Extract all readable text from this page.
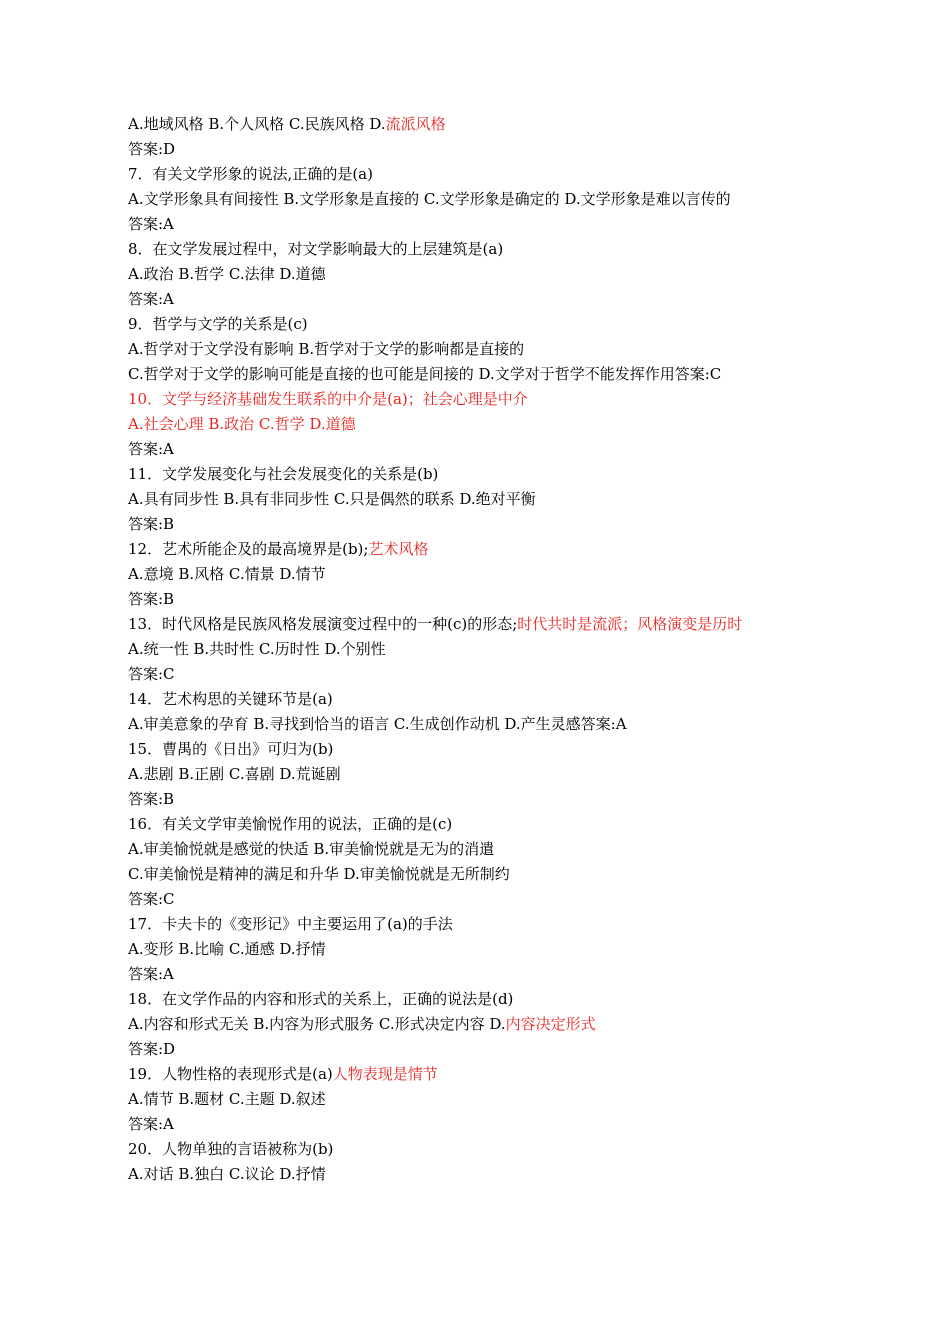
A.地域风格 B.个人风格 C.民族风格 D.流派风格
答案:D
7．有关文学形象的说法,正确的是(a)
A.文学形象具有间接性 B.文学形象是直接的 C.文学形象是确定的 D.文学形象是难以言传的
答案:A
8．在文学发展过程中，对文学影响最大的上层建筑是(a)
A.政治 B.哲学 C.法律 D.道德
答案:A
9．哲学与文学的关系是(c)
A.哲学对于文学没有影响 B.哲学对于文学的影响都是直接的
C.哲学对于文学的影响可能是直接的也可能是间接的 D.文学对于哲学不能发挥作用答案:C
10．文学与经济基础发生联系的中介是(a)；社会心理是中介
A.社会心理 B.政治 C.哲学 D.道德
答案:A
11．文学发展变化与社会发展变化的关系是(b)
A.具有同步性 B.具有非同步性 C.只是偶然的联系 D.绝对平衡
答案:B
12．艺术所能企及的最高境界是(b);艺术风格
A.意境 B.风格 C.情景 D.情节
答案:B
13．时代风格是民族风格发展演变过程中的一种(c)的形态;时代共时是流派；风格演变是历时
A.统一性 B.共时性 C.历时性 D.个别性
答案:C
14．艺术构思的关键环节是(a)
A.审美意象的孕育 B.寻找到恰当的语言 C.生成创作动机 D.产生灵感答案:A
15．曹禺的《日出》可归为(b)
A.悲剧 B.正剧 C.喜剧 D.荒诞剧
答案:B
16．有关文学审美愉悦作用的说法，正确的是(c)
A.审美愉悦就是感觉的快适 B.审美愉悦就是无为的消遣
C.审美愉悦是精神的满足和升华 D.审美愉悦就是无所制约
答案:C
17．卡夫卡的《变形记》中主要运用了(a)的手法
A.变形 B.比喻 C.通感 D.抒情
答案:A
18．在文学作品的内容和形式的关系上，正确的说法是(d)
A.内容和形式无关 B.内容为形式服务 C.形式决定内容 D.内容决定形式
答案:D
19．人物性格的表现形式是(a)人物表现是情节
A.情节 B.题材 C.主题 D.叙述
答案:A
20．人物单独的言语被称为(b)
A.对话 B.独白 C.议论 D.抒情
